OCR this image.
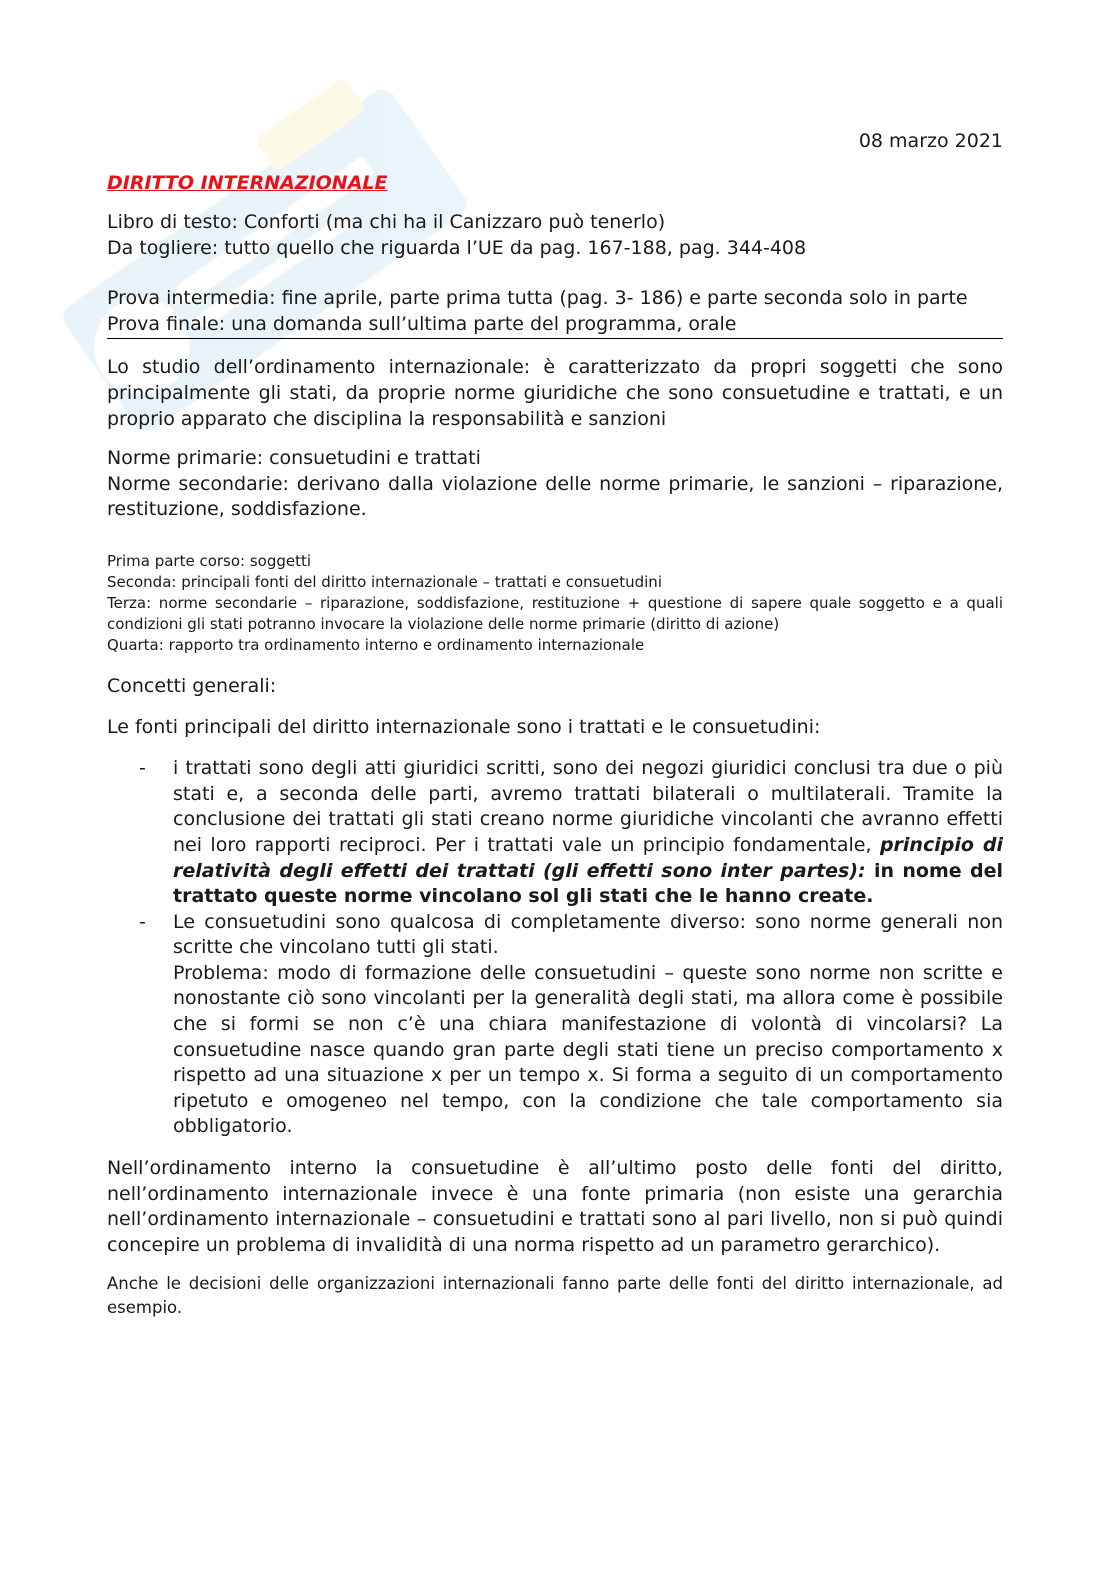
08 marzo 2021

DIRITTO INTERNAZIONALE

Libro di testo: Conforti (ma chi ha il Canizzaro può tenerlo)
Da togliere: tutto quello che riguarda l’UE da pag. 167-188, pag. 344-408

Prova intermedia: fine aprile, parte prima tutta (pag. 3- 186) e parte seconda solo in parte
Prova finale: una domanda sull’ultima parte del programma, orale

Lo studio dell’ordinamento internazionale: è caratterizzato da propri soggetti che sono principalmente gli stati, da proprie norme giuridiche che sono consuetudine e trattati, e un proprio apparato che disciplina la responsabilità e sanzioni

Norme primarie: consuetudini e trattati
Norme secondarie: derivano dalla violazione delle norme primarie, le sanzioni – riparazione, restituzione, soddisfazione.

Prima parte corso: soggetti

Seconda: principali fonti del diritto internazionale – trattati e consuetudini

Terza: norme secondarie – riparazione, soddisfazione, restituzione + questione di sapere quale soggetto e a quali condizioni gli stati potranno invocare la violazione delle norme primarie (diritto di azione)

Quarta: rapporto tra ordinamento interno e ordinamento internazionale

Concetti generali:

Le fonti principali del diritto internazionale sono i trattati e le consuetudini:

- i trattati sono degli atti giuridici scritti, sono dei negozi giuridici conclusi tra due o più stati e, a seconda delle parti, avremo trattati bilaterali o multilaterali. Tramite la conclusione dei trattati gli stati creano norme giuridiche vincolanti che avranno effetti nei loro rapporti reciproci. Per i trattati vale un principio fondamentale, principio di relatività degli effetti dei trattati (gli effetti sono inter partes): in nome del trattato queste norme vincolano sol gli stati che le hanno create.
- Le consuetudini sono qualcosa di completamente diverso: sono norme generali non scritte che vincolano tutti gli stati.
Problema: modo di formazione delle consuetudini – queste sono norme non scritte e nonostante ciò sono vincolanti per la generalità degli stati, ma allora come è possibile che si formi se non c’è una chiara manifestazione di volontà di vincolarsi? La consuetudine nasce quando gran parte degli stati tiene un preciso comportamento x rispetto ad una situazione x per un tempo x. Si forma a seguito di un comportamento ripetuto e omogeneo nel tempo, con la condizione che tale comportamento sia obbligatorio.

Nell’ordinamento interno la consuetudine è all’ultimo posto delle fonti del diritto, nell’ordinamento internazionale invece è una fonte primaria (non esiste una gerarchia nell’ordinamento internazionale – consuetudini e trattati sono al pari livello, non si può quindi concepire un problema di invalidità di una norma rispetto ad un parametro gerarchico).

Anche le decisioni delle organizzazioni internazionali fanno parte delle fonti del diritto internazionale, ad esempio.
